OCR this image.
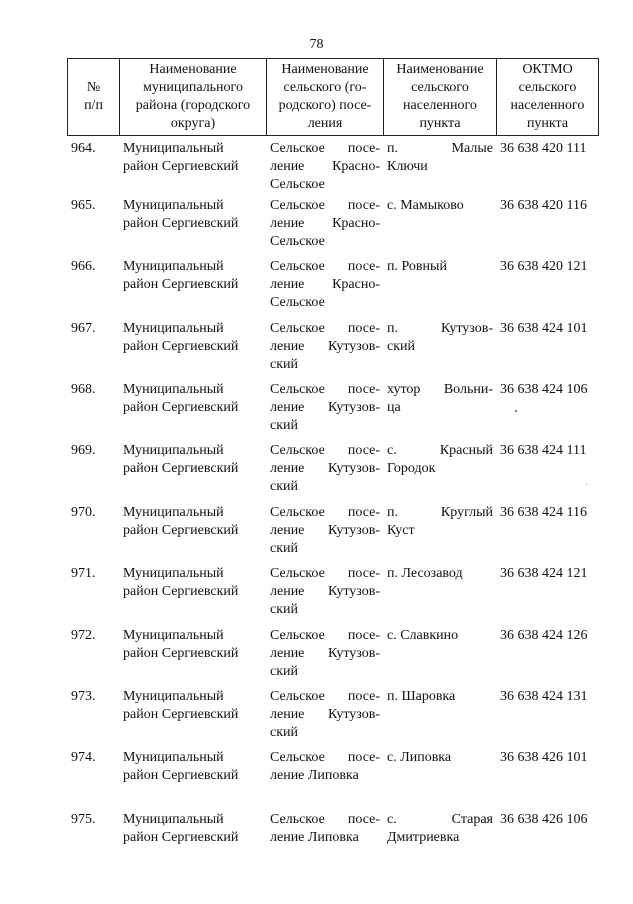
78
№
п/п	Наименование
муниципального
района (городского
округа)	Наименование
сельского (го-
родского) посе-
ления	Наименование
сельского
населенного
пункта	ОКТМО
сельского
населенного
пункта

964.	Муниципальный
район Сергиевский	Сельское посе-
ление Красно-
Сельское	п. Малые
Ключи	36 638 420 111
965.	Муниципальный
район Сергиевский	Сельское посе-
ление Красно-
Сельское	с. Мамыково	36 638 420 116
966.	Муниципальный
район Сергиевский	Сельское посе-
ление Красно-
Сельское	п. Ровный	36 638 420 121
967.	Муниципальный
район Сергиевский	Сельское посе-
ление Кутузов-
ский	п. Кутузов-
ский	36 638 424 101
968.	Муниципальный
район Сергиевский	Сельское посе-
ление Кутузов-
ский	хутор Вольни-
ца	36 638 424 106
969.	Муниципальный
район Сергиевский	Сельское посе-
ление Кутузов-
ский	с. Красный
Городок	36 638 424 111
970.	Муниципальный
район Сергиевский	Сельское посе-
ление Кутузов-
ский	п. Круглый
Куст	36 638 424 116
971.	Муниципальный
район Сергиевский	Сельское посе-
ление Кутузов-
ский	п. Лесозавод	36 638 424 121
972.	Муниципальный
район Сергиевский	Сельское посе-
ление Кутузов-
ский	с. Славкино	36 638 424 126
973.	Муниципальный
район Сергиевский	Сельское посе-
ление Кутузов-
ский	п. Шаровка	36 638 424 131
974.	Муниципальный
район Сергиевский	Сельское посе-
ление Липовка	с. Липовка	36 638 426 101
975.	Муниципальный
район Сергиевский	Сельское посе-
ление Липовка	с. Старая
Дмитриевка	36 638 426 106
